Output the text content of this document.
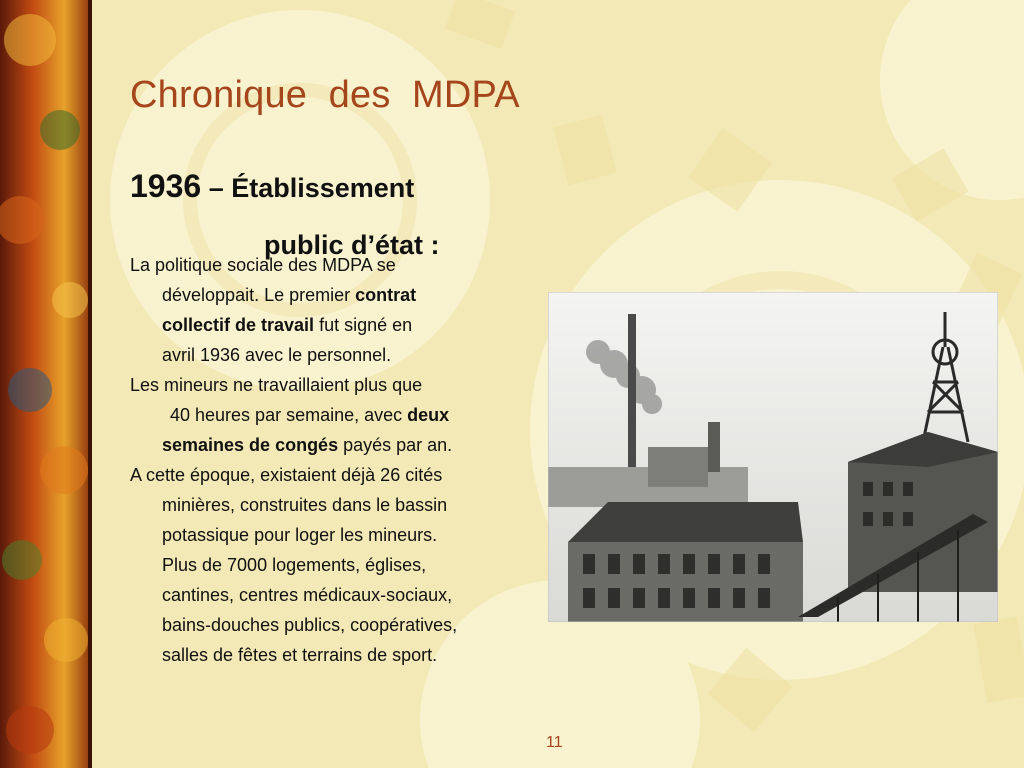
Chronique  des  MDPA
1936 – Établissement
public d’état :

La politique sociale des MDPA se
développait. Le premier contrat
collectif de travail fut signé en
avril 1936 avec le personnel.

Les mineurs ne travaillaient plus que
40 heures par semaine, avec deux
semaines de congés payés par an.

A cette époque, existaient déjà 26 cités
minières, construites dans le bassin
potassique pour loger les mineurs.
Plus de 7000 logements, églises,
cantines, centres médicaux-sociaux,
bains-douches publics, coopératives,
salles de fêtes et terrains de sport.

11
